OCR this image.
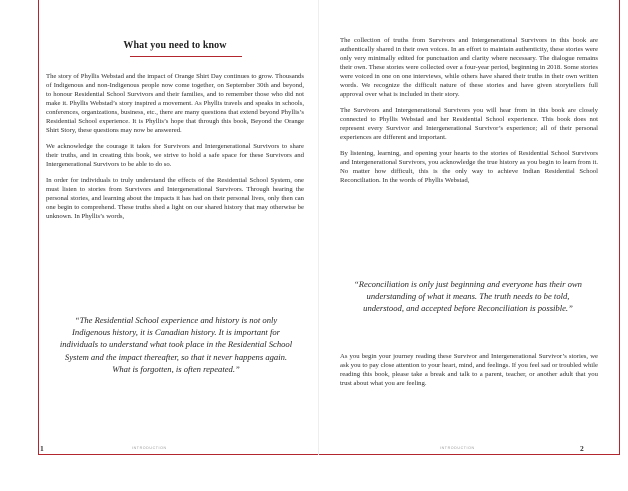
What you need to know

The story of Phyllis Webstad and the impact of Orange Shirt Day continues to grow. Thousands of Indigenous and non-Indigenous people now come together, on September 30th and beyond, to honour Residential School Survivors and their families, and to remember those who did not make it. Phyllis Webstad’s story inspired a movement. As Phyllis travels and speaks in schools, conferences, organizations, business, etc., there are many questions that extend beyond Phyllis’s Residential School experience. It is Phyllis’s hope that through this book, Beyond the Orange Shirt Story, these questions may now be answered.

We acknowledge the courage it takes for Survivors and Intergenerational Survivors to share their truths, and in creating this book, we strive to hold a safe space for these Survivors and Intergenerational Survivors to be able to do so.

In order for individuals to truly understand the effects of the Residential School System, one must listen to stories from Survivors and Intergenerational Survivors. Through hearing the personal stories, and learning about the impacts it has had on their personal lives, only then can one begin to comprehend. These truths shed a light on our shared history that may otherwise be unknown. In Phyllis’s words,

“The Residential School experience and history is not only Indigenous history, it is Canadian history. It is important for individuals to understand what took place in the Residential School System and the impact thereafter, so that it never happens again. What is forgotten, is often repeated.”

The collection of truths from Survivors and Intergenerational Survivors in this book are authentically shared in their own voices. In an effort to maintain authenticity, these stories were only very minimally edited for punctuation and clarity where necessary. The dialogue remains their own. These stories were collected over a four-year period, beginning in 2018. Some stories were voiced in one on one interviews, while others have shared their truths in their own written words. We recognize the difficult nature of these stories and have given storytellers full approval over what is included in their story.

The Survivors and Intergenerational Survivors you will hear from in this book are closely connected to Phyllis Webstad and her Residential School experience. This book does not represent every Survivor and Intergenerational Survivor’s experience; all of their personal experiences are different and important.

By listening, learning, and opening your hearts to the stories of Residential School Survivors and Intergenerational Survivors, you acknowledge the true history as you begin to learn from it. No matter how difficult, this is the only way to achieve Indian Residential School Reconciliation. In the words of Phyllis Webstad,

“Reconciliation is only just beginning and everyone has their own understanding of what it means. The truth needs to be told, understood, and accepted before Reconciliation is possible.”

As you begin your journey reading these Survivor and Intergenerational Survivor’s stories, we ask you to pay close attention to your heart, mind, and feelings. If you feel sad or troubled while reading this book, please take a break and talk to a parent, teacher, or another adult that you trust about what you are feeling.

1	INTRODUCTION	INTRODUCTION	2
